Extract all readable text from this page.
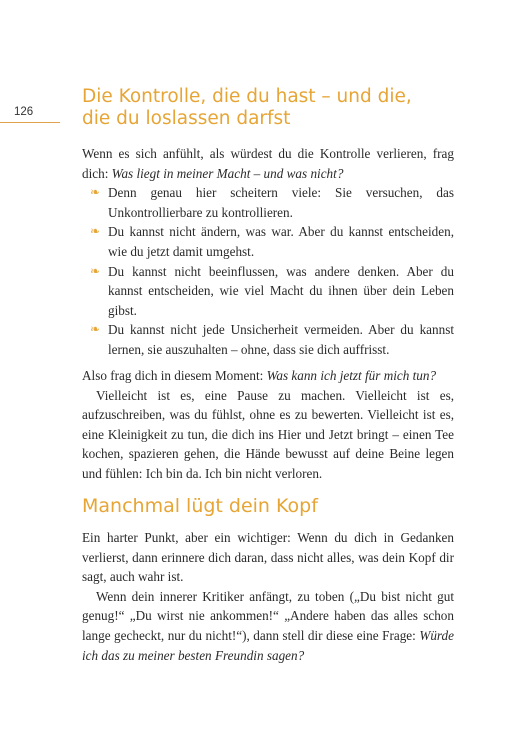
126
Die Kontrolle, die du hast – und die,
die du loslassen darfst

Wenn es sich anfühlt, als würdest du die Kontrolle verlieren, frag dich: Was liegt in meiner Macht – und was nicht?

❧ Denn genau hier scheitern viele: Sie versuchen, das Unkontrollierbare zu kontrollieren.
❧ Du kannst nicht ändern, was war. Aber du kannst entscheiden, wie du jetzt damit umgehst.
❧ Du kannst nicht beeinflussen, was andere denken. Aber du kannst entscheiden, wie viel Macht du ihnen über dein Leben gibst.
❧ Du kannst nicht jede Unsicherheit vermeiden. Aber du kannst lernen, sie auszuhalten – ohne, dass sie dich auffrisst.

Also frag dich in diesem Moment: Was kann ich jetzt für mich tun?

Vielleicht ist es, eine Pause zu machen. Vielleicht ist es, aufzuschreiben, was du fühlst, ohne es zu bewerten. Vielleicht ist es, eine Kleinigkeit zu tun, die dich ins Hier und Jetzt bringt – einen Tee kochen, spazieren gehen, die Hände bewusst auf deine Beine legen und fühlen: Ich bin da. Ich bin nicht verloren.

Manchmal lügt dein Kopf

Ein harter Punkt, aber ein wichtiger: Wenn du dich in Gedanken verlierst, dann erinnere dich daran, dass nicht alles, was dein Kopf dir sagt, auch wahr ist.

Wenn dein innerer Kritiker anfängt, zu toben („Du bist nicht gut genug!“ „Du wirst nie ankommen!“ „Andere haben das alles schon lange gecheckt, nur du nicht!“), dann stell dir diese eine Frage: Würde ich das zu meiner besten Freundin sagen?
